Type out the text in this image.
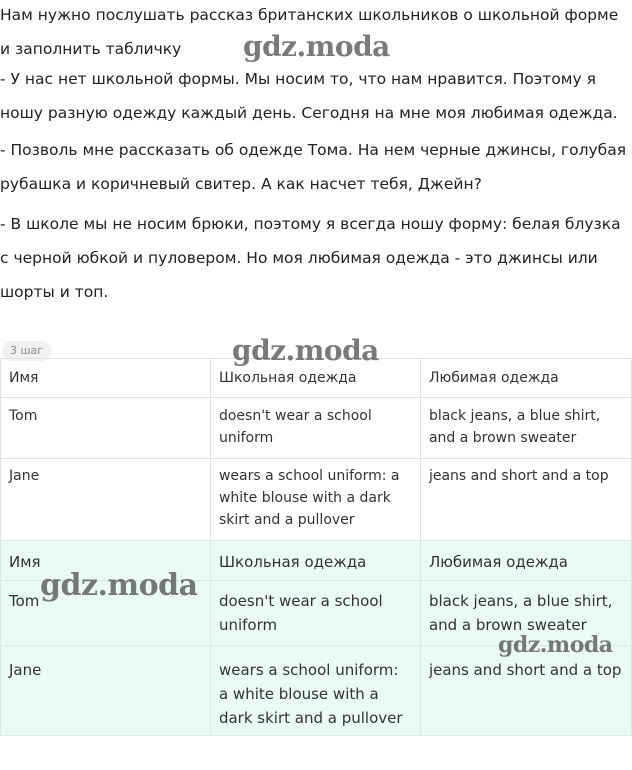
Нам нужно послушать рассказ британских школьников о школьной форме и заполнить табличку

- У нас нет школьной формы. Мы носим то, что нам нравится. Поэтому я ношу разную одежду каждый день. Сегодня на мне моя любимая одежда.

- Позволь мне рассказать об одежде Тома. На нем черные джинсы, голубая рубашка и коричневый свитер. А как насчет тебя, Джейн?

- В школе мы не носим брюки, поэтому я всегда ношу форму: белая блузка с черной юбкой и пуловером. Но моя любимая одежда - это джинсы или шорты и топ.

3 шаг
Имя	Школьная одежда	Любимая одежда
Tom	doesn't wear a school uniform	black jeans, a blue shirt, and a brown sweater
Jane	wears a school uniform: a white blouse with a dark skirt and a pullover	jeans and short and a top
Имя	Школьная одежда	Любимая одежда
Tom	doesn't wear a school uniform	black jeans, a blue shirt, and a brown sweater
Jane	wears a school uniform: a white blouse with a dark skirt and a pullover	jeans and short and a top
gdz.moda
gdz.moda
gdz.moda
gdz.moda
